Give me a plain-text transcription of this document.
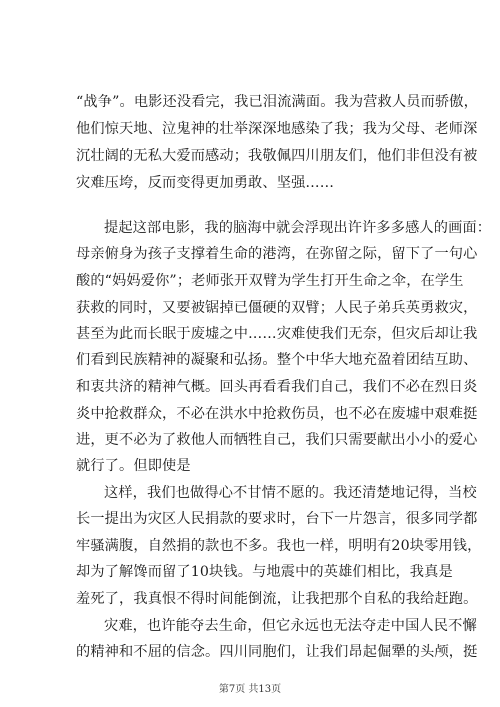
“战争”。电影还没看完，我已泪流满面。我为营救人员而骄傲，
他们惊天地、泣鬼神的壮举深深地感染了我；我为父母、老师深
沉壮阔的无私大爱而感动；我敬佩四川朋友们，他们非但没有被
灾难压垮，反而变得更加勇敢、坚强……
提起这部电影，我的脑海中就会浮现出许许多多感人的画面：
母亲俯身为孩子支撑着生命的港湾，在弥留之际，留下了一句心
酸的“妈妈爱你”；老师张开双臂为学生打开生命之伞，在学生
获救的同时，又要被锯掉已僵硬的双臂；人民子弟兵英勇救灾，
甚至为此而长眠于废墟之中……灾难使我们无奈，但灾后却让我
们看到民族精神的凝聚和弘扬。整个中华大地充盈着团结互助、
和衷共济的精神气概。回头再看看我们自己，我们不必在烈日炎
炎中抢救群众，不必在洪水中抢救伤员，也不必在废墟中艰难挺
进，更不必为了救他人而牺牲自己，我们只需要献出小小的爱心
就行了。但即使是
这样，我们也做得心不甘情不愿的。我还清楚地记得，当校
长一提出为灾区人民捐款的要求时，台下一片怨言，很多同学都
牢骚满腹，自然捐的款也不多。我也一样，明明有20块零用钱，
却为了解馋而留了10块钱。与地震中的英雄们相比，我真是
羞死了，我真恨不得时间能倒流，让我把那个自私的我给赶跑。
灾难，也许能夺去生命，但它永远也无法夺走中国人民不懈
的精神和不屈的信念。四川同胞们，让我们昂起倔犟的头颅，挺
第7页 共13页
